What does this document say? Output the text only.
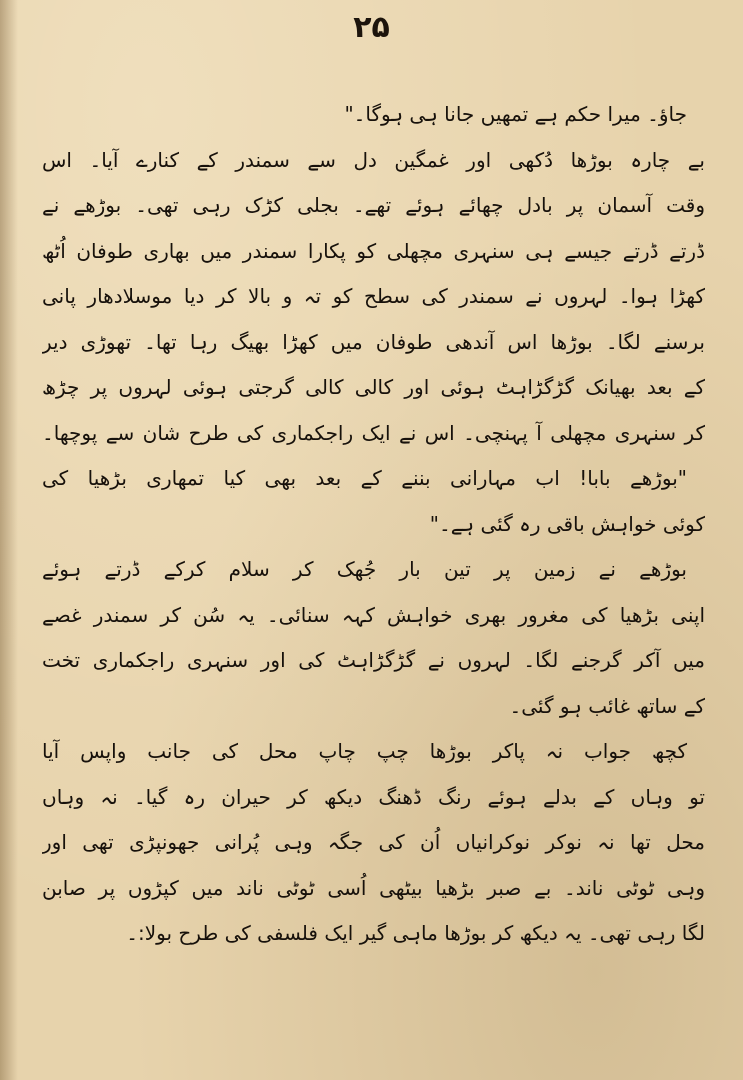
۲۵
جاؤ۔ میرا حکم ہے تمھیں جانا ہی ہوگا۔"
بے چارہ بوڑھا دُکھی اور غمگین دل سے سمندر کے کنارے آیا۔ اس
وقت آسمان پر بادل چھائے ہوئے تھے۔ بجلی کڑک رہی تھی۔ بوڑھے نے
ڈرتے ڈرتے جیسے ہی سنہری مچھلی کو پکارا سمندر میں بھاری طوفان اُٹھ
کھڑا ہوا۔ لہروں نے سمندر کی سطح کو تہ و بالا کر دیا موسلادھار پانی
برسنے لگا۔ بوڑھا اس آندھی طوفان میں کھڑا بھیگ رہا تھا۔ تھوڑی دیر
کے بعد بھیانک گڑگڑاہٹ ہوئی اور کالی کالی گرجتی ہوئی لہروں پر چڑھ
کر سنہری مچھلی آ پہنچی۔ اس نے ایک راجکماری کی طرح شان سے پوچھا۔
"بوڑھے بابا! اب مہارانی بننے کے بعد بھی کیا تمھاری بڑھیا کی
کوئی خواہش باقی رہ گئی ہے۔"
بوڑھے نے زمین پر تین بار جُھک کر سلام کرکے ڈرتے ہوئے
اپنی بڑھیا کی مغرور بھری خواہش کہہ سنائی۔ یہ سُن کر سمندر غصے
میں آکر گرجنے لگا۔ لہروں نے گڑگڑاہٹ کی اور سنہری راجکماری تخت
کے ساتھ غائب ہو گئی۔
کچھ جواب نہ پاکر بوڑھا چپ چاپ محل کی جانب واپس آیا
تو وہاں کے بدلے ہوئے رنگ ڈھنگ دیکھ کر حیران رہ گیا۔ نہ وہاں
محل تھا نہ نوکر نوکرانیاں اُن کی جگہ وہی پُرانی جھونپڑی تھی اور
وہی ٹوٹی ناند۔ بے صبر بڑھیا بیٹھی اُسی ٹوٹی ناند میں کپڑوں پر صابن
لگا رہی تھی۔ یہ دیکھ کر بوڑھا ماہی گیر ایک فلسفی کی طرح بولا:۔
